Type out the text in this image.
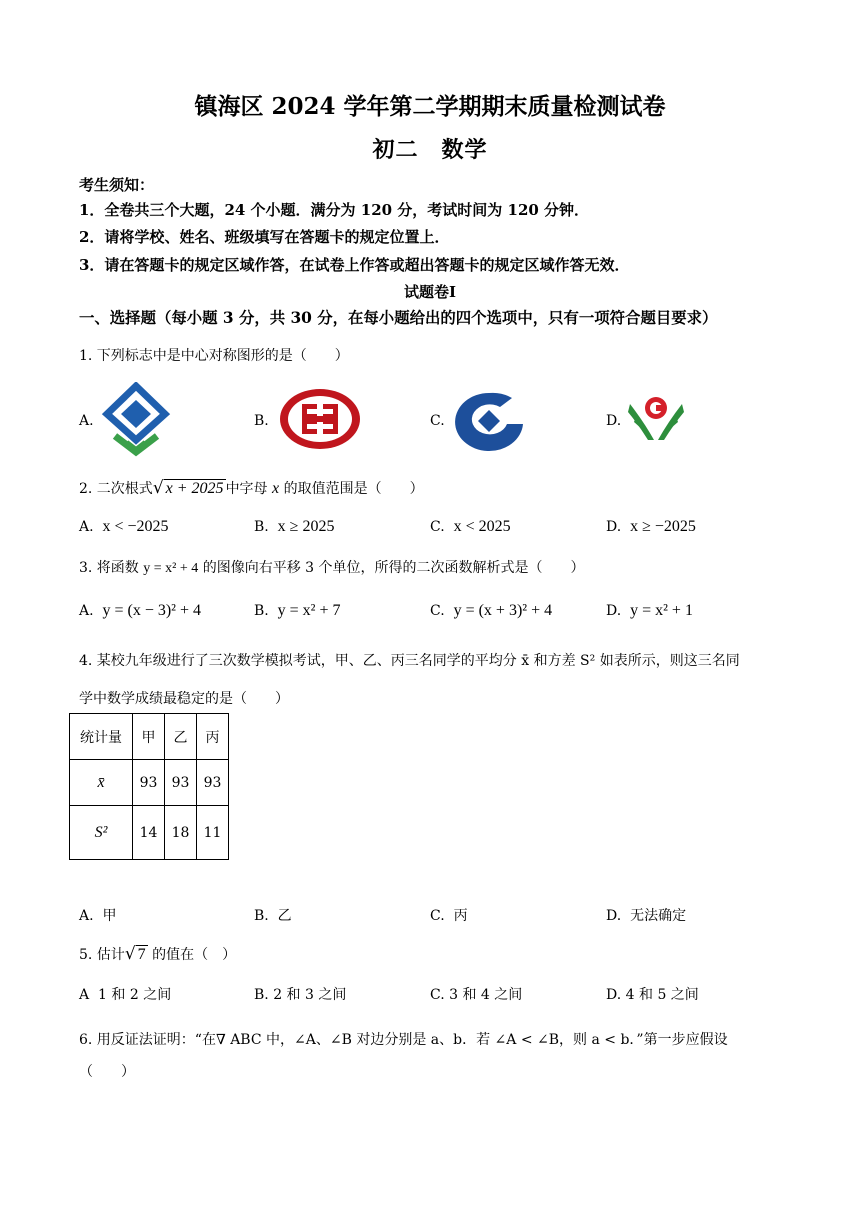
镇海区 2024 学年第二学期期末质量检测试卷
初二　数学
考生须知：
1．全卷共三个大题，24 个小题．满分为 120 分，考试时间为 120 分钟．
2．请将学校、姓名、班级填写在答题卡的规定位置上．
3．请在答题卡的规定区域作答，在试卷上作答或超出答题卡的规定区域作答无效．
试题卷Ⅰ
一、选择题（每小题 3 分，共 30 分，在每小题给出的四个选项中，只有一项符合题目要求）
1. 下列标志中是中心对称图形的是（　　）
A.	B.	C.	D.
2. 二次根式√ x + 2025 中字母 x 的取值范围是（　　）
A. x < −2025	B. x ≥ 2025	C. x < 2025	D. x ≥ −2025
3. 将函数 y = x² + 4 的图像向右平移 3 个单位，所得的二次函数解析式是（　　）
A. y = (x − 3)² + 4	B. y = x² + 7	C. y = (x + 3)² + 4	D. y = x² + 1
4. 某校九年级进行了三次数学模拟考试，甲、乙、丙三名同学的平均分 x̄ 和方差 S² 如表所示，则这三名同
学中数学成绩最稳定的是（　　）
统计量	甲	乙	丙
x̄	93	93	93
S²	14	18	11
A. 甲	B. 乙	C. 丙	D. 无法确定
5. 估计√ 7 的值在（　）
A 1 和 2 之间	B. 2 和 3 之间	C. 3 和 4 之间	D. 4 和 5 之间
6. 用反证法证明：“在∇ ABC 中，∠A、∠B 对边分别是 a、b．若 ∠A < ∠B，则 a < b．”第一步应假设
（　　）
